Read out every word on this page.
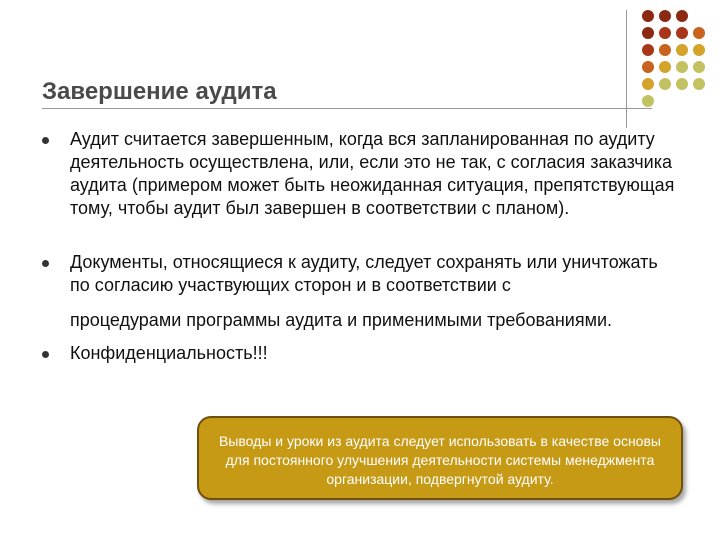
Завершение аудита
Аудит считается завершенным, когда вся запланированная по аудиту деятельность осуществлена, или, если это не так, с согласия заказчика аудита (примером может быть неожиданная ситуация, препятствующая тому, чтобы аудит был завершен в соответствии с планом).
Документы, относящиеся к аудиту, следует сохранять или уничтожать по согласию участвующих сторон и в соответствии с
процедурами программы аудита и применимыми требованиями.
Конфиденциальность!!!
Выводы и уроки из аудита следует использовать в качестве основы для постоянного улучшения деятельности системы менеджмента организации, подвергнутой аудиту.
